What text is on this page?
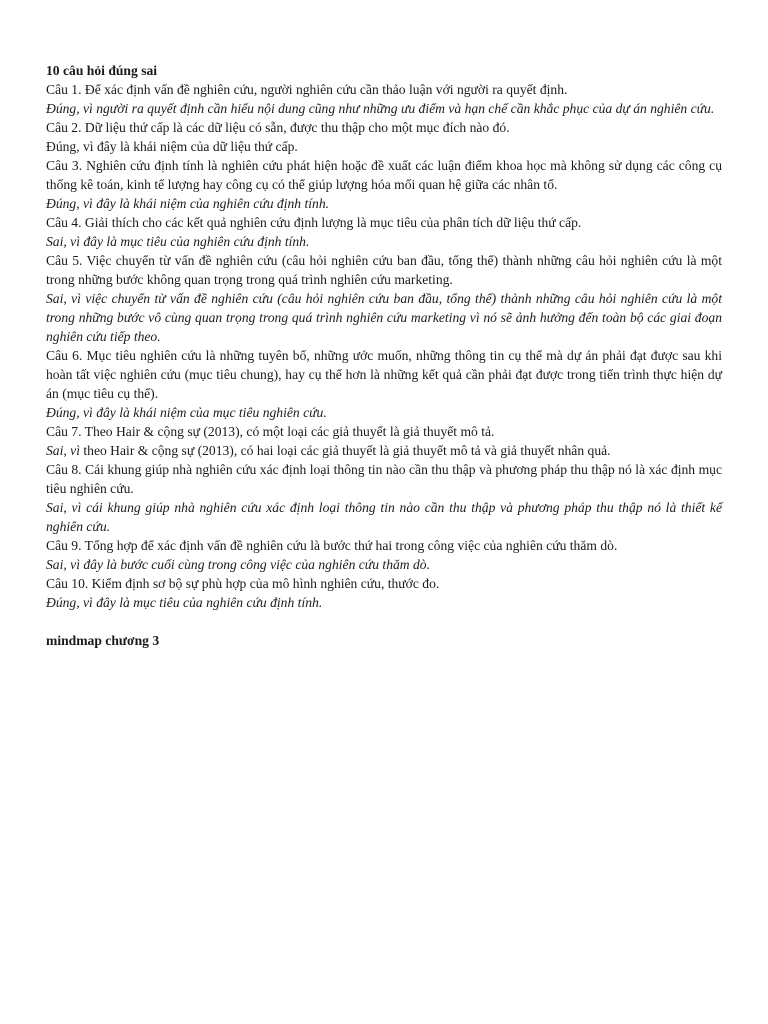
10 câu hỏi đúng sai

Câu 1. Để xác định vấn đề nghiên cứu, người nghiên cứu cần thảo luận với người ra quyết định.

Đúng, vì người ra quyết định cần hiểu nội dung cũng như những ưu điểm và hạn chế cần khắc phục của dự án nghiên cứu.

Câu 2. Dữ liệu thứ cấp là các dữ liệu có sẵn, được thu thập cho một mục đích nào đó.

Đúng, vì đây là khái niệm của dữ liệu thứ cấp.

Câu 3. Nghiên cứu định tính là nghiên cứu phát hiện hoặc đề xuất các luận điểm khoa học mà không sử dụng các công cụ thống kê toán, kinh tế lượng hay công cụ có thể giúp lượng hóa mối quan hệ giữa các nhân tố.

Đúng, vì đây là khái niệm của nghiên cứu định tính.

Câu 4. Giải thích cho các kết quả nghiên cứu định lượng là mục tiêu của phân tích dữ liệu thứ cấp.

Sai, vì đây là mục tiêu của nghiên cứu định tính.

Câu 5. Việc chuyển từ vấn đề nghiên cứu (câu hỏi nghiên cứu ban đầu, tổng thể) thành những câu hỏi nghiên cứu là một trong những bước không quan trọng trong quá trình nghiên cứu marketing.

Sai, vì việc chuyển từ vấn đề nghiên cứu (câu hỏi nghiên cứu ban đầu, tổng thể) thành những câu hỏi nghiên cứu là một trong những bước vô cùng quan trọng trong quá trình nghiên cứu marketing vì nó sẽ ảnh hưởng đến toàn bộ các giai đoạn nghiên cứu tiếp theo.

Câu 6. Mục tiêu nghiên cứu là những tuyên bố, những ước muốn, những thông tin cụ thể mà dự án phải đạt được sau khi hoàn tất việc nghiên cứu (mục tiêu chung), hay cụ thể hơn là những kết quả cần phải đạt được trong tiến trình thực hiện dự án (mục tiêu cụ thể).

Đúng, vì đây là khái niệm của mục tiêu nghiên cứu.

Câu 7. Theo Hair & cộng sự (2013), có một loại các giả thuyết là giả thuyết mô tả.

Sai, vì theo Hair & cộng sự (2013), có hai loại các giả thuyết là giả thuyết mô tả và giả thuyết nhân quả.

Câu 8. Cái khung giúp nhà nghiên cứu xác định loại thông tin nào cần thu thập và phương pháp thu thập nó là xác định mục tiêu nghiên cứu.

Sai, vì cái khung giúp nhà nghiên cứu xác định loại thông tin nào cần thu thập và phương pháp thu thập nó là thiết kế nghiên cứu.

Câu 9. Tổng hợp để xác định vấn đề nghiên cứu là bước thứ hai trong công việc của nghiên cứu thăm dò.

Sai, vì đây là bước cuối cùng trong công việc của nghiên cứu thăm dò.

Câu 10. Kiểm định sơ bộ sự phù hợp của mô hình nghiên cứu, thước đo.

Đúng, vì đây là mục tiêu của nghiên cứu định tính.

mindmap chương 3
